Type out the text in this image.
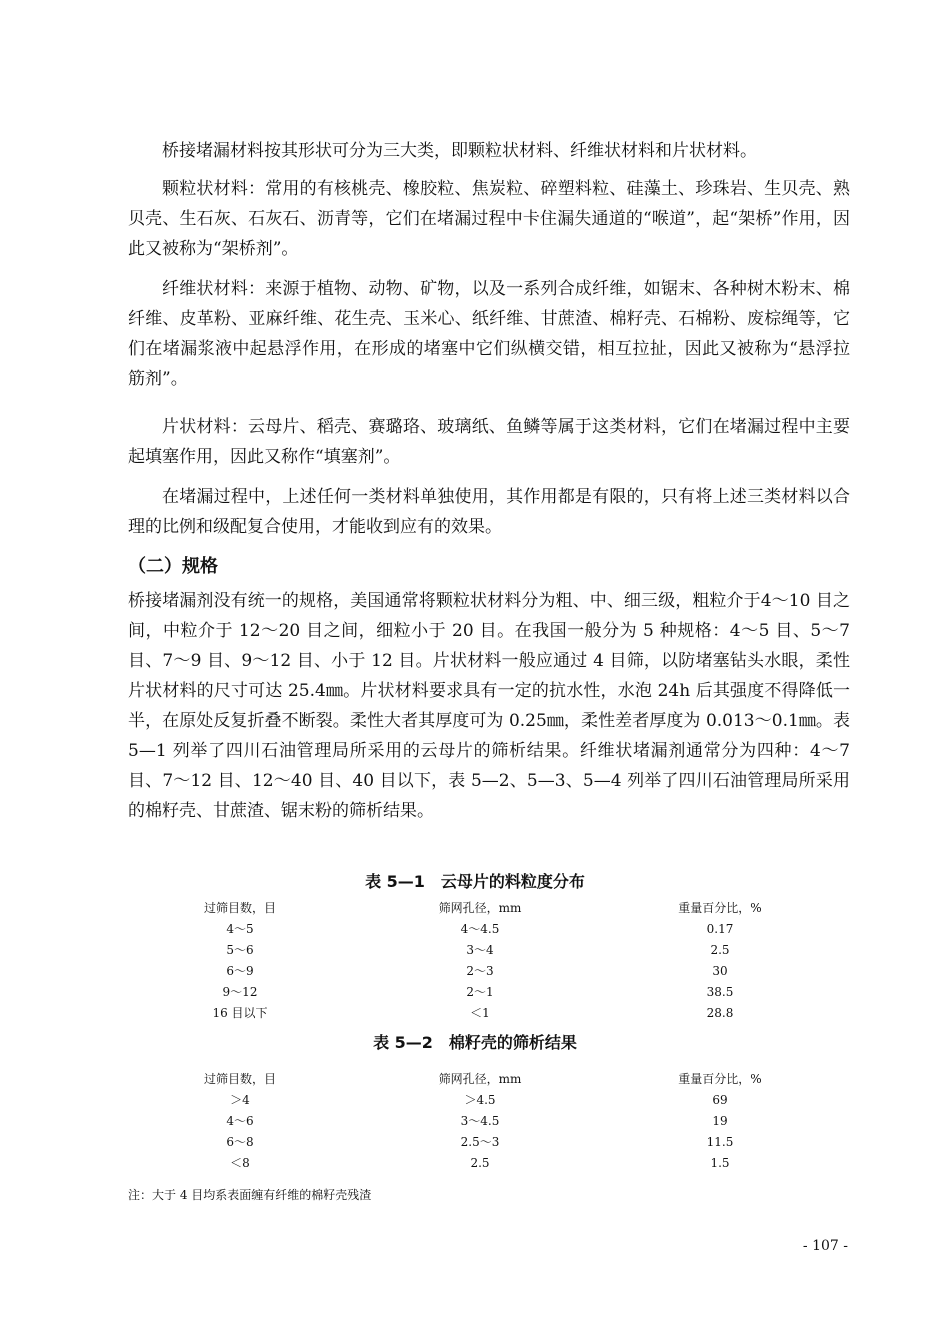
桥接堵漏材料按其形状可分为三大类，即颗粒状材料、纤维状材料和片状材料。

颗粒状材料：常用的有核桃壳、橡胶粒、焦炭粒、碎塑料粒、硅藻土、珍珠岩、生贝壳、熟贝壳、生石灰、石灰石、沥青等，它们在堵漏过程中卡住漏失通道的“喉道”，起“架桥”作用，因此又被称为“架桥剂”。

纤维状材料：来源于植物、动物、矿物，以及一系列合成纤维，如锯末、各种树木粉末、棉纤维、皮革粉、亚麻纤维、花生壳、玉米心、纸纤维、甘蔗渣、棉籽壳、石棉粉、废棕绳等，它们在堵漏浆液中起悬浮作用，在形成的堵塞中它们纵横交错，相互拉扯，因此又被称为“悬浮拉筋剂”。

片状材料：云母片、稻壳、赛璐珞、玻璃纸、鱼鳞等属于这类材料，它们在堵漏过程中主要起填塞作用，因此又称作“填塞剂”。

在堵漏过程中，上述任何一类材料单独使用，其作用都是有限的，只有将上述三类材料以合理的比例和级配复合使用，才能收到应有的效果。

（二）规格

桥接堵漏剂没有统一的规格，美国通常将颗粒状材料分为粗、中、细三级，粗粒介于4～10 目之间，中粒介于 12～20 目之间，细粒小于 20 目。在我国一般分为 5 种规格：4～5 目、5～7 目、7～9 目、9～12 目、小于 12 目。片状材料一般应通过 4 目筛，以防堵塞钻头水眼，柔性片状材料的尺寸可达 25.4㎜。片状材料要求具有一定的抗水性，水泡 24h 后其强度不得降低一半，在原处反复折叠不断裂。柔性大者其厚度可为 0.25㎜，柔性差者厚度为 0.013～0.1㎜。表 5—1 列举了四川石油管理局所采用的云母片的筛析结果。纤维状堵漏剂通常分为四种：4～7 目、7～12 目、12～40 目、40 目以下，表 5—2、5—3、5—4 列举了四川石油管理局所采用的棉籽壳、甘蔗渣、锯末粉的筛析结果。

表 5—1　云母片的料粒度分布

过筛目数，目	筛网孔径，mm	重量百分比，%
4～5	4～4.5	0.17
5～6	3～4	2.5
6～9	2～3	30
9～12	2～1	38.5
16 目以下	＜1	28.8

表 5—2　棉籽壳的筛析结果

过筛目数，目	筛网孔径，mm	重量百分比，%
＞4	＞4.5	69
4～6	3～4.5	19
6～8	2.5～3	11.5
＜8	2.5	1.5

注：大于 4 目均系表面缠有纤维的棉籽壳残渣

- 107 -
